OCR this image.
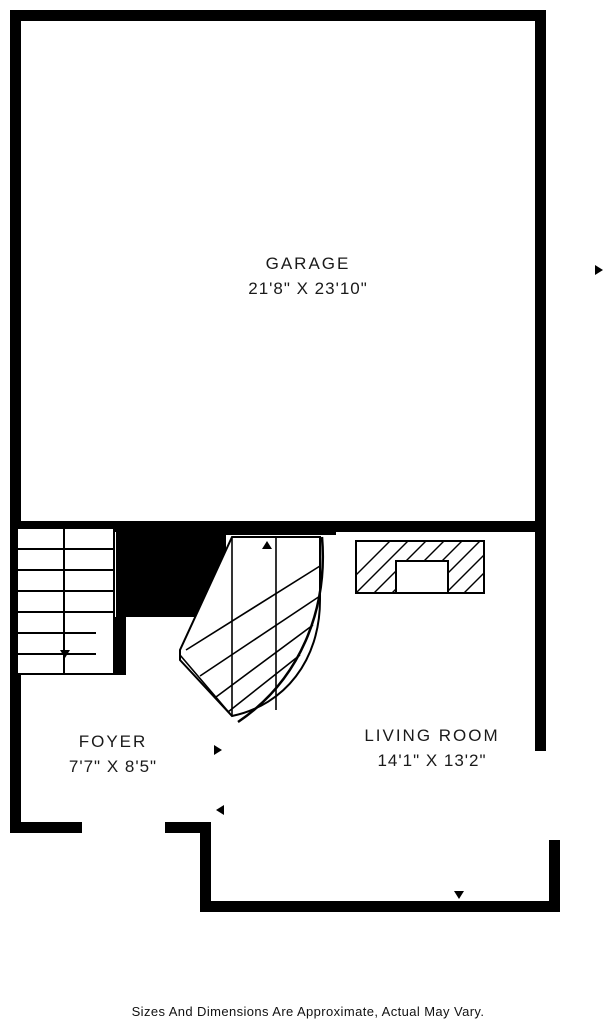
GARAGE
21'8" X 23'10"
FOYER
7'7" X 8'5"
LIVING ROOM
14'1" X 13'2"
Sizes And Dimensions Are Approximate, Actual May Vary.
